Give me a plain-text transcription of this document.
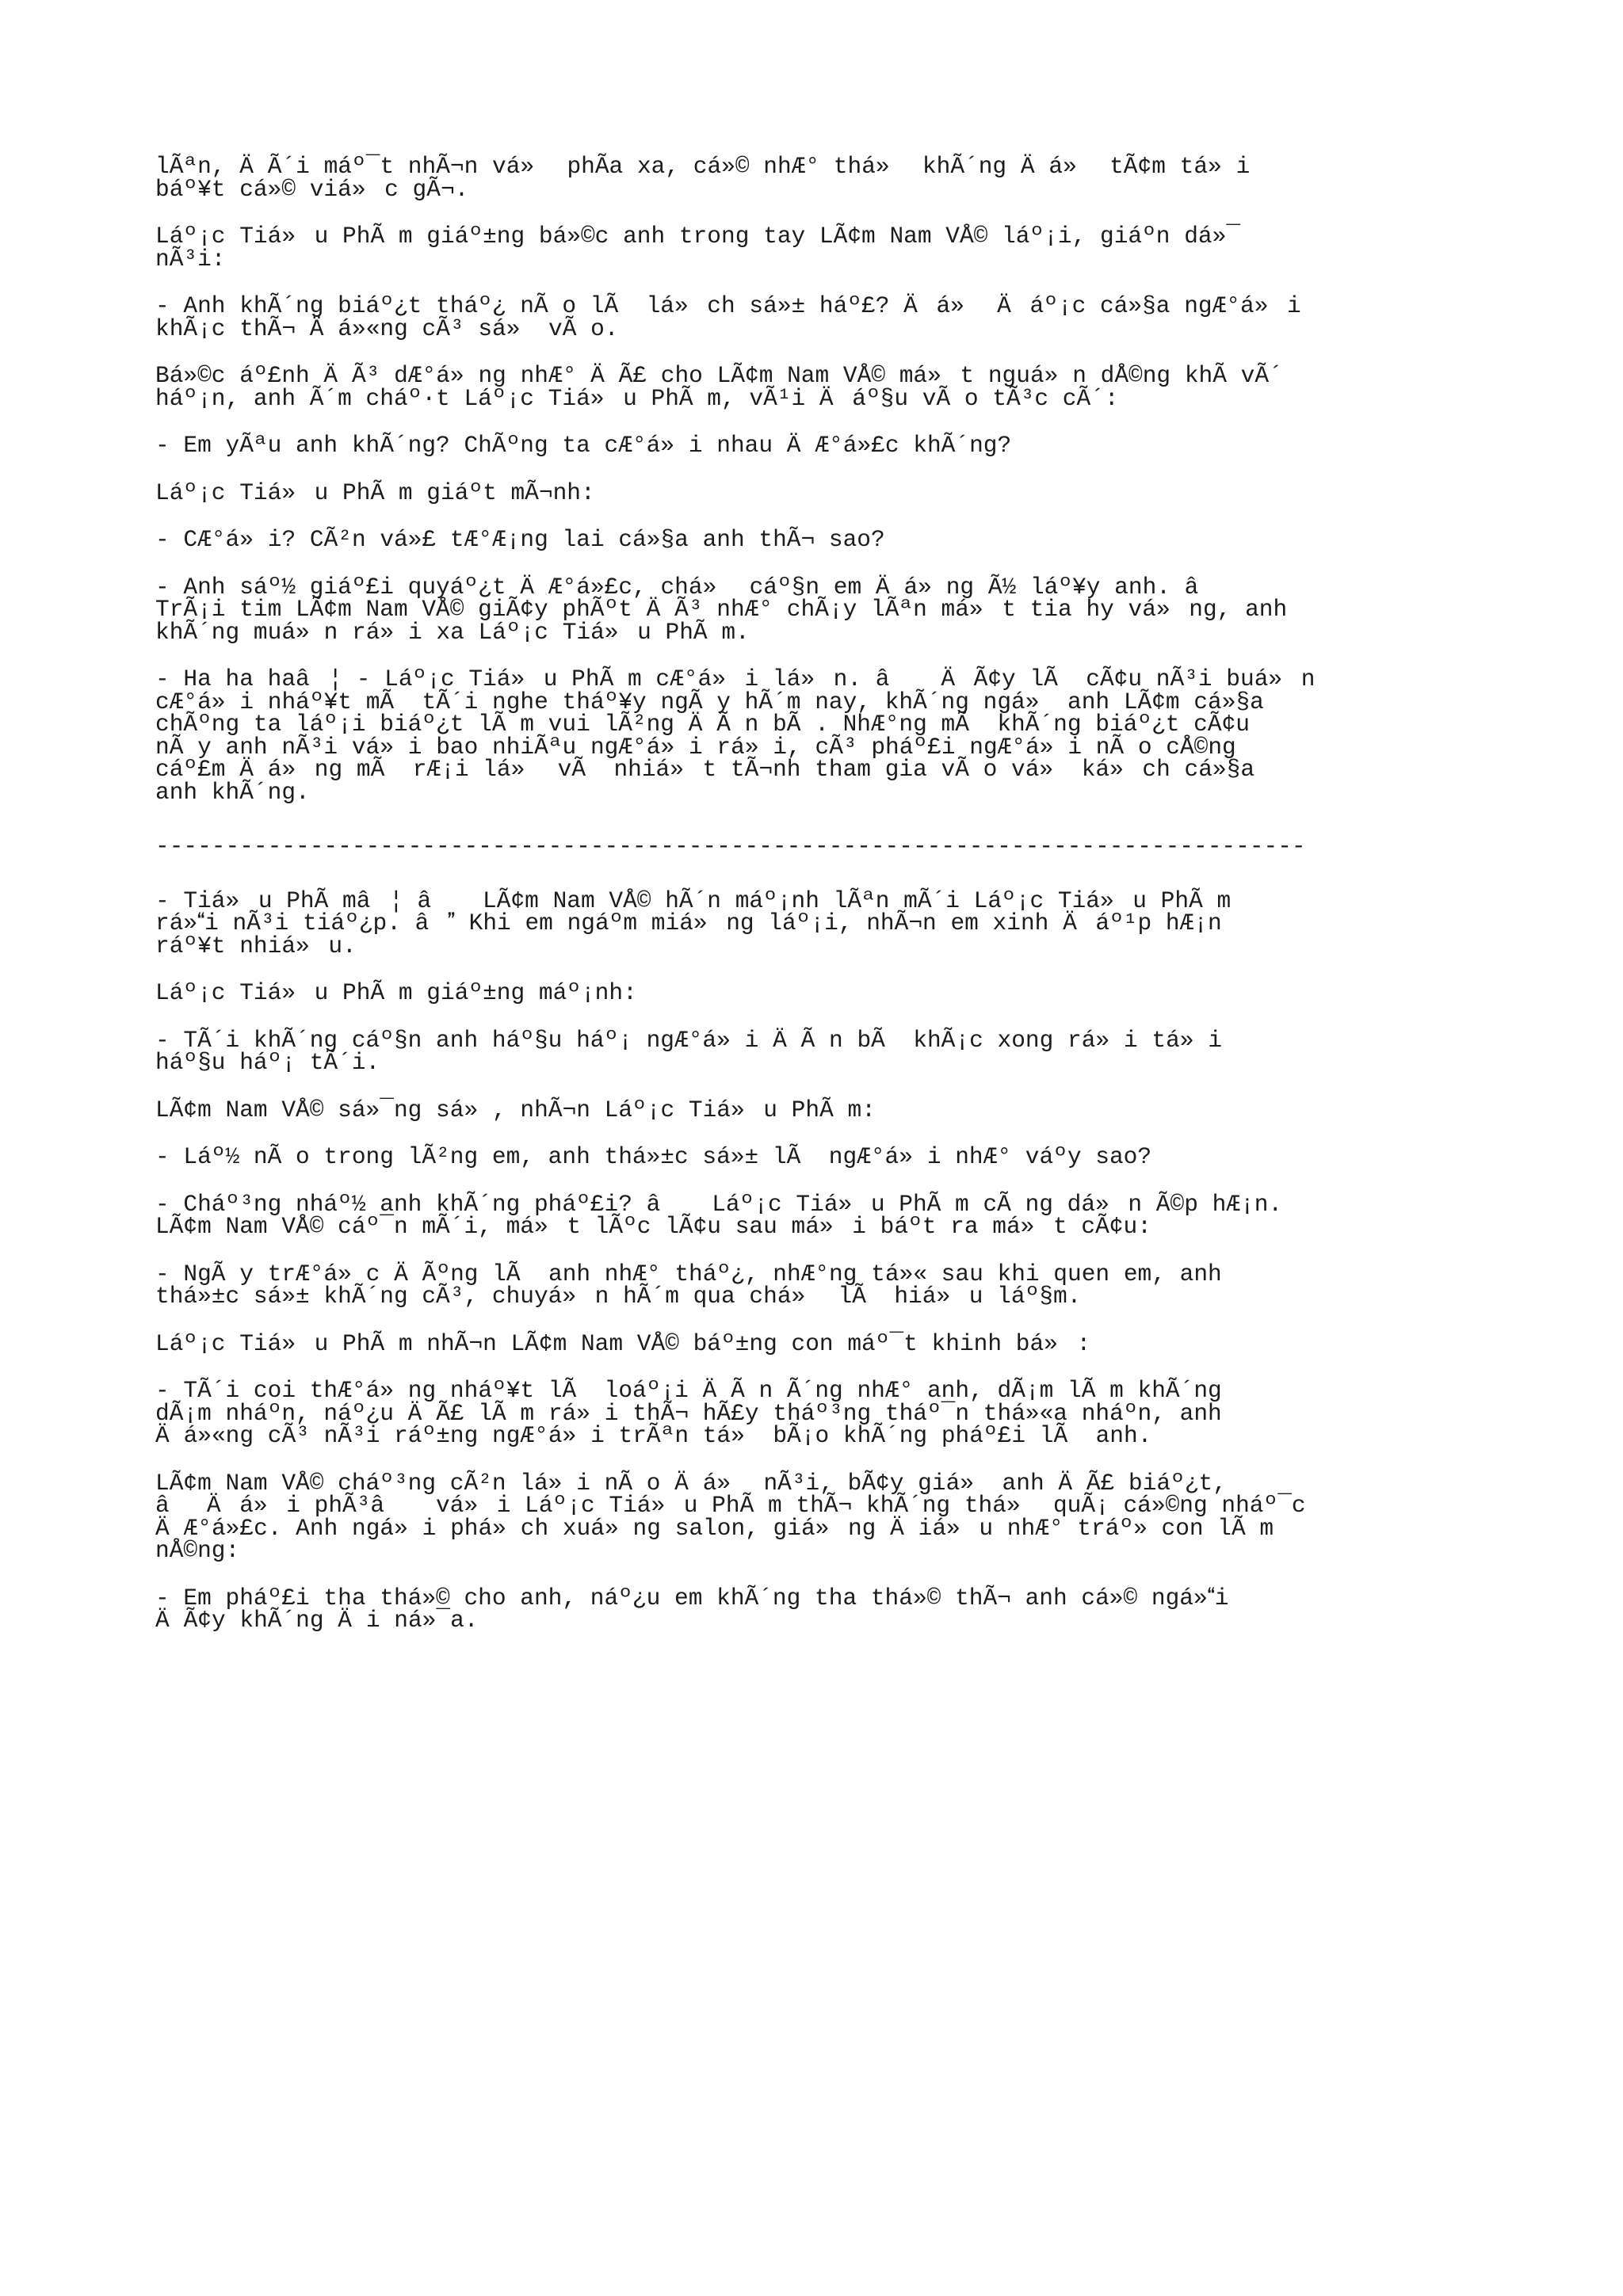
lÃªn, ÄÃ´i máº¯t nhÃ¬n vá» phÃa xa, cá»© nhÆ° thá» khÃ´ng Äá» tÃ¢m tá»i
báº¥t cá»© viá»c gÃ¬.

Láº¡c Tiá»u PhÃ m giáº±ng bá»©c anh trong tay LÃ¢m Nam VÅ© láº¡i, giáºn dá»¯
nÃ³i:

- Anh khÃ´ng biáº¿t tháº¿ nÃ o lÃ  lá»ch sá»± háº£? Äá» Äáº¡c cá»§a ngÆ°á»i
khÃ¡c thÃ¬ Äá»«ng cÃ³ sá» vÃ o.

Bá»©c áº£nh ÄÃ³ dÆ°á»ng nhÆ° ÄÃ£ cho LÃ¢m Nam VÅ© má»t nguá»n dÅ©ng khÃ vÃ´
háº¡n, anh Ã´m cháº·t Láº¡c Tiá»u PhÃ m, vÃ¹i Äáº§u vÃ o tÃ³c cÃ´:

- Em yÃªu anh khÃ´ng? ChÃºng ta cÆ°á»i nhau ÄÆ°á»£c khÃ´ng?

Láº¡c Tiá»u PhÃ m giáºt mÃ¬nh:

- CÆ°á»i? CÃ²n vá»£ tÆ°Æ¡ng lai cá»§a anh thÃ¬ sao?

- Anh sáº½ giáº£i quyáº¿t ÄÆ°á»£c, chá» cáº§n em Äá»ng Ã½ láº¥y anh. â
TrÃ¡i tim LÃ¢m Nam VÅ© giÃ¢y phÃºt ÄÃ³ nhÆ° chÃ¡y lÃªn má»t tia hy vá»ng, anh
khÃ´ng muá»n rá»i xa Láº¡c Tiá»u PhÃ m.

- Ha ha haâ¦ - Láº¡c Tiá»u PhÃ m cÆ°á»i lá»n. â ÄÃ¢y lÃ  cÃ¢u nÃ³i buá»n
cÆ°á»i nháº¥t mÃ  tÃ´i nghe tháº¥y ngÃ y hÃ´m nay, khÃ´ng ngá» anh LÃ¢m cá»§a
chÃºng ta láº¡i biáº¿t lÃ m vui lÃ²ng ÄÃ n bÃ . NhÆ°ng mÃ  khÃ´ng biáº¿t cÃ¢u
nÃ y anh nÃ³i vá»i bao nhiÃªu ngÆ°á»i rá»i, cÃ³ pháº£i ngÆ°á»i nÃ o cÅ©ng
cáº£m Äá»ng mÃ  rÆ¡i lá» vÃ  nhiá»t tÃ¬nh tham gia vÃ o vá» ká»ch cá»§a
anh khÃ´ng.

----------------------------------------------------------------------------------

- Tiá»u PhÃ mâ¦ â LÃ¢m Nam VÅ© hÃ´n máº¡nh lÃªn mÃ´i Láº¡c Tiá»u PhÃ m
rá»i nÃ³i tiáº¿p. â Khi em ngáºm miá»ng láº¡i, nhÃ¬n em xinh Äáº¹p hÆ¡n
ráº¥t nhiá»u.

Láº¡c Tiá»u PhÃ m giáº±ng máº¡nh:

- TÃ´i khÃ´ng cáº§n anh háº§u háº¡ ngÆ°á»i ÄÃ n bÃ  khÃ¡c xong rá»i tá»i
háº§u háº¡ tÃ´i.

LÃ¢m Nam VÅ© sá»¯ng sá», nhÃ¬n Láº¡c Tiá»u PhÃ m:

- Láº½ nÃ o trong lÃ²ng em, anh thá»±c sá»± lÃ  ngÆ°á»i nhÆ° váºy sao?

- Cháº³ng nháº½ anh khÃ´ng pháº£i? â Láº¡c Tiá»u PhÃ m cÃ ng dá»n Ã©p hÆ¡n.
LÃ¢m Nam VÅ© cáº¯n mÃ´i, má»t lÃºc lÃ¢u sau má»i báºt ra má»t cÃ¢u:

- NgÃ y trÆ°á»c ÄÃºng lÃ  anh nhÆ° tháº¿, nhÆ°ng tá»« sau khi quen em, anh
thá»±c sá»± khÃ´ng cÃ³, chuyá»n hÃ´m qua chá» lÃ  hiá»u láº§m.

Láº¡c Tiá»u PhÃ m nhÃ¬n LÃ¢m Nam VÅ© báº±ng con máº¯t khinh bá»:

- TÃ´i coi thÆ°á»ng nháº¥t lÃ  loáº¡i ÄÃ n Ã´ng nhÆ° anh, dÃ¡m lÃ m khÃ´ng
dÃ¡m nháºn, náº¿u ÄÃ£ lÃ m rá»i thÃ¬ hÃ£y tháº³ng tháº¯n thá»«a nháºn, anh
Äá»«ng cÃ³ nÃ³i ráº±ng ngÆ°á»i trÃªn tá» bÃ¡o khÃ´ng pháº£i lÃ  anh.

LÃ¢m Nam VÅ© cháº³ng cÃ²n lá»i nÃ o Äá» nÃ³i, bÃ¢y giá» anh ÄÃ£ biáº¿t,
âÄá»i phÃ³â vá»i Láº¡c Tiá»u PhÃ m thÃ¬ khÃ´ng thá» quÃ¡ cá»©ng nháº¯c
ÄÆ°á»£c. Anh ngá»i phá»ch xuá»ng salon, giá»ng Äiá»u nhÆ° tráº» con lÃ m
nÅ©ng:

- Em pháº£i tha thá»© cho anh, náº¿u em khÃ´ng tha thá»© thÃ¬ anh cá»© ngá»i
ÄÃ¢y khÃ´ng Äi ná»¯a.
